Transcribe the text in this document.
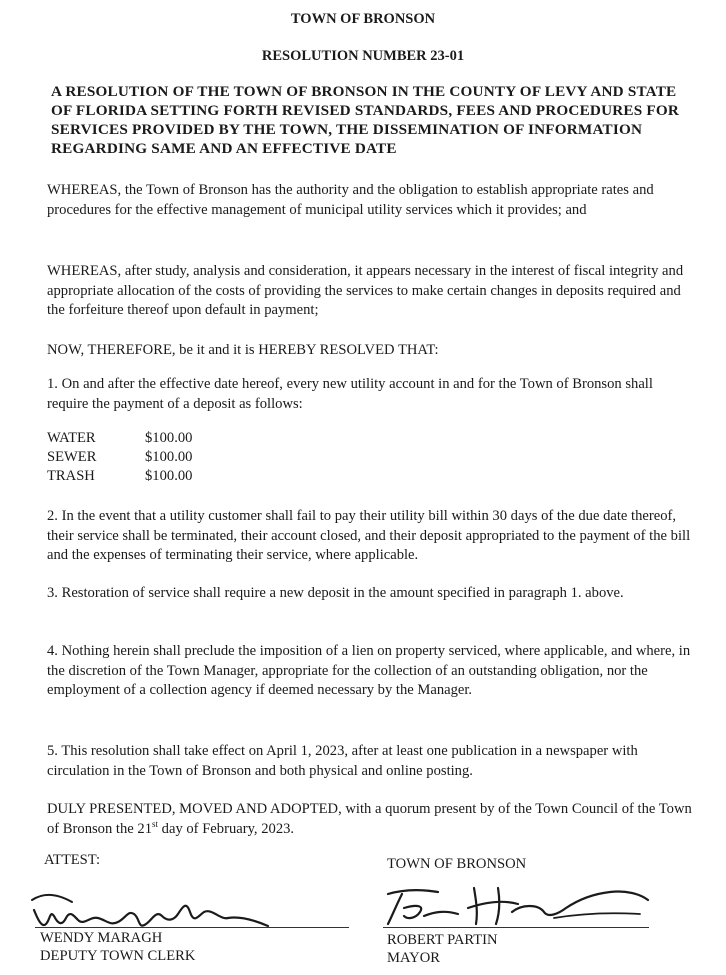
TOWN OF BRONSON
RESOLUTION NUMBER 23-01
A RESOLUTION OF THE TOWN OF BRONSON IN THE COUNTY OF LEVY AND STATE OF FLORIDA SETTING FORTH REVISED STANDARDS, FEES AND PROCEDURES FOR SERVICES PROVIDED BY THE TOWN, THE DISSEMINATION OF INFORMATION REGARDING SAME AND AN EFFECTIVE DATE
WHEREAS, the Town of Bronson has the authority and the obligation to establish appropriate rates and procedures for the effective management of municipal utility services which it provides; and
WHEREAS, after study, analysis and consideration, it appears necessary in the interest of fiscal integrity and appropriate allocation of the costs of providing the services to make certain changes in deposits required and the forfeiture thereof upon default in payment;
NOW, THEREFORE, be it and it is HEREBY RESOLVED THAT:
1. On and after the effective date hereof, every new utility account in and for the Town of Bronson shall require the payment of a deposit as follows:
WATER	$100.00
SEWER	$100.00
TRASH	$100.00
2. In the event that a utility customer shall fail to pay their utility bill within 30 days of the due date thereof, their service shall be terminated, their account closed, and their deposit appropriated to the payment of the bill and the expenses of terminating their service, where applicable.
3. Restoration of service shall require a new deposit in the amount specified in paragraph 1. above.
4. Nothing herein shall preclude the imposition of a lien on property serviced, where applicable, and where, in the discretion of the Town Manager, appropriate for the collection of an outstanding obligation, nor the employment of a collection agency if deemed necessary by the Manager.
5. This resolution shall take effect on April 1, 2023, after at least one publication in a newspaper with circulation in the Town of Bronson and both physical and online posting.
DULY PRESENTED, MOVED AND ADOPTED, with a quorum present by of the Town Council of the Town of Bronson the 21st day of February, 2023.
ATTEST:	TOWN OF BRONSON
WENDY MARAGH
DEPUTY TOWN CLERK
ROBERT PARTIN
MAYOR
